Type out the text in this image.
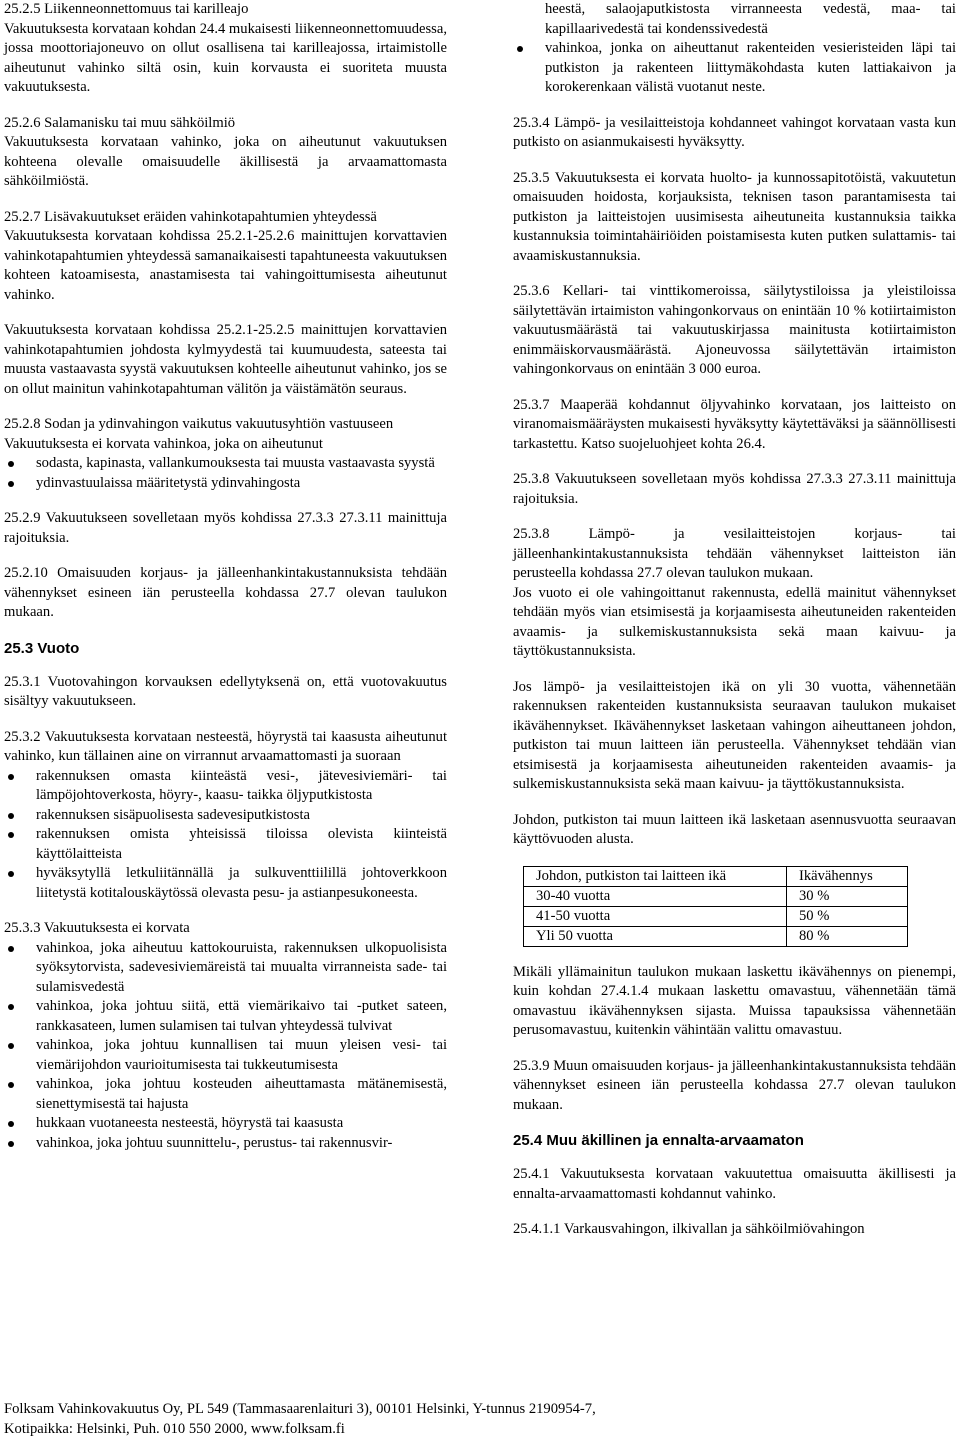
25.2.5 Liikenneonnettomuus tai karilleajo

Vakuutuksesta korvataan kohdan 24.4 mukaisesti liikenneonnettomuudessa, jossa moottoriajoneuvo on ollut osallisena tai karilleajossa, irtaimistolle aiheutunut vahinko siltä osin, kuin korvausta ei suoriteta muusta vakuutuksesta.

25.2.6 Salamanisku tai muu sähköilmiö

Vakuutuksesta korvataan vahinko, joka on aiheutunut vakuutuksen kohteena olevalle omaisuudelle äkillisestä ja arvaamattomasta sähköilmiöstä.

25.2.7 Lisävakuutukset eräiden vahinkotapahtumien yhteydessä

Vakuutuksesta korvataan kohdissa 25.2.1-25.2.6 mainittujen korvattavien vahinkotapahtumien yhteydessä samanaikaisesti tapahtuneesta vakuutuksen kohteen katoamisesta, anastamisesta tai vahingoittumisesta aiheutunut vahinko.

Vakuutuksesta korvataan kohdissa 25.2.1-25.2.5 mainittujen korvattavien vahinkotapahtumien johdosta kylmyydestä tai kuumuudesta, sateesta tai muusta vastaavasta syystä vakuutuksen kohteelle aiheutunut vahinko, jos se on ollut mainitun vahinkotapahtuman välitön ja väistämätön seuraus.

25.2.8 Sodan ja ydinvahingon vaikutus vakuutusyhtiön vastuuseen
Vakuutuksesta ei korvata vahinkoa, joka on aiheutunut
sodasta, kapinasta, vallankumouksesta tai muusta vastaavasta syystä
ydinvastuulaissa määritetystä ydinvahingosta

25.2.9 Vakuutukseen sovelletaan myös kohdissa 27.3.3 27.3.11 mainittuja rajoituksia.

25.2.10 Omaisuuden korjaus- ja jälleenhankintakustannuksista tehdään vähennykset esineen iän perusteella kohdassa 27.7 olevan taulukon mukaan.

25.3 Vuoto

25.3.1 Vuotovahingon korvauksen edellytyksenä on, että vuotovakuutus sisältyy vakuutukseen.

25.3.2 Vakuutuksesta korvataan nesteestä, höyrystä tai kaasusta aiheutunut vahinko, kun tällainen aine on virrannut arvaamattomasti ja suoraan

rakennuksen omasta kiinteästä vesi-, jätevesiviemäri- tai lämpöjohtoverkosta, höyry-, kaasu- taikka öljyputkistosta
rakennuksen sisäpuolisesta sadevesiputkistosta
rakennuksen omista yhteisissä tiloissa olevista kiinteistä käyttölaitteista
hyväksytyllä letkuliitännällä ja sulkuventtiilillä johtoverkkoon liitetystä kotitalouskäytössä olevasta pesu- ja astianpesukoneesta.
25.3.3 Vakuutuksesta ei korvata
vahinkoa, joka aiheutuu kattokouruista, rakennuksen ulkopuolisista syöksytorvista, sadevesiviemäreistä tai muualta virranneista sade- tai sulamisvedestä
vahinkoa, joka johtuu siitä, että viemärikaivo tai -putket sateen, rankkasateen, lumen sulamisen tai tulvan yhteydessä tulvivat
vahinkoa, joka johtuu kunnallisen tai muun yleisen vesi- tai viemärijohdon vaurioitumisesta tai tukkeutumisesta
vahinkoa, joka johtuu kosteuden aiheuttamasta mätänemisestä, sienettymisestä tai hajusta
hukkaan vuotaneesta nesteestä, höyrystä tai kaasusta
vahinkoa, joka johtuu suunnittelu-, perustus- tai rakennusvir-
heestä, salaojaputkistosta virranneesta vedestä, maa- tai kapillaarivedestä tai kondenssivedestä
vahinkoa, jonka on aiheuttanut rakenteiden vesieristeiden läpi tai putkiston ja rakenteen liittymäkohdasta kuten lattiakaivon ja korokerenkaan välistä vuotanut neste.

25.3.4 Lämpö- ja vesilaitteistoja kohdanneet vahingot korvataan vasta kun putkisto on asianmukaisesti hyväksytty.

25.3.5 Vakuutuksesta ei korvata huolto- ja kunnossapitotöistä, vakuutetun omaisuuden hoidosta, korjauksista, teknisen tason parantamisesta tai putkiston ja laitteistojen uusimisesta aiheutuneita kustannuksia taikka kustannuksia toimintahäiriöiden poistamisesta kuten putken sulattamis- tai avaamiskustannuksia.

25.3.6 Kellari- tai vinttikomeroissa, säilytystiloissa ja yleistiloissa säilytettävän irtaimiston vahingonkorvaus on enintään 10 % kotiirtaimiston vakuutusmäärästä tai vakuutuskirjassa mainitusta kotiirtaimiston enimmäiskorvausmäärästä. Ajoneuvossa säilytettävän irtaimiston vahingonkorvaus on enintään 3 000 euroa.

25.3.7 Maaperää kohdannut öljyvahinko korvataan, jos laitteisto on viranomaismääräysten mukaisesti hyväksytty käytettäväksi ja säännöllisesti tarkastettu. Katso suojeluohjeet kohta 26.4.

25.3.8 Vakuutukseen sovelletaan myös kohdissa 27.3.3 27.3.11 mainittuja rajoituksia.

25.3.8 Lämpö- ja vesilaitteistojen korjaus- tai jälleenhankintakustannuksista tehdään vähennykset laitteiston iän perusteella kohdassa 27.7 olevan taulukon mukaan.

Jos vuoto ei ole vahingoittanut rakennusta, edellä mainitut vähennykset tehdään myös vian etsimisestä ja korjaamisesta aiheutuneiden rakenteiden avaamis- ja sulkemiskustannuksista sekä maan kaivuu- ja täyttökustannuksista.

Jos lämpö- ja vesilaitteistojen ikä on yli 30 vuotta, vähennetään rakennuksen rakenteiden kustannuksista seuraavan taulukon mukaiset ikävähennykset. Ikävähennykset lasketaan vahingon aiheuttaneen johdon, putkiston tai muun laitteen iän perusteella. Vähennykset tehdään vian etsimisestä ja korjaamisesta aiheutuneiden rakenteiden avaamis- ja sulkemiskustannuksista sekä maan kaivuu- ja täyttökustannuksista.

Johdon, putkiston tai muun laitteen ikä lasketaan asennusvuotta seuraavan käyttövuoden alusta.

Johdon, putkiston tai laitteen ikä	Ikävähennys
30-40 vuotta	30 %
41-50 vuotta	50 %
Yli 50 vuotta	80 %

Mikäli yllämainitun taulukon mukaan laskettu ikävähennys on pienempi, kuin kohdan 27.4.1.4 mukaan laskettu omavastuu, vähennetään tämä omavastuu ikävähennyksen sijasta. Muissa tapauksissa vähennetään perusomavastuu, kuitenkin vähintään valittu omavastuu.

25.3.9 Muun omaisuuden korjaus- ja jälleenhankintakustannuksista tehdään vähennykset esineen iän perusteella kohdassa 27.7 olevan taulukon mukaan.

25.4 Muu äkillinen ja ennalta-arvaamaton

25.4.1 Vakuutuksesta korvataan vakuutettua omaisuutta äkillisesti ja ennalta-arvaamattomasti kohdannut vahinko.

25.4.1.1 Varkausvahingon, ilkivallan ja sähköilmiövahingon

Folksam Vahinkovakuutus Oy, PL 549 (Tammasaarenlaituri 3), 00101 Helsinki, Y-tunnus 2190954-7,
Kotipaikka: Helsinki, Puh. 010 550 2000, www.folksam.fi
